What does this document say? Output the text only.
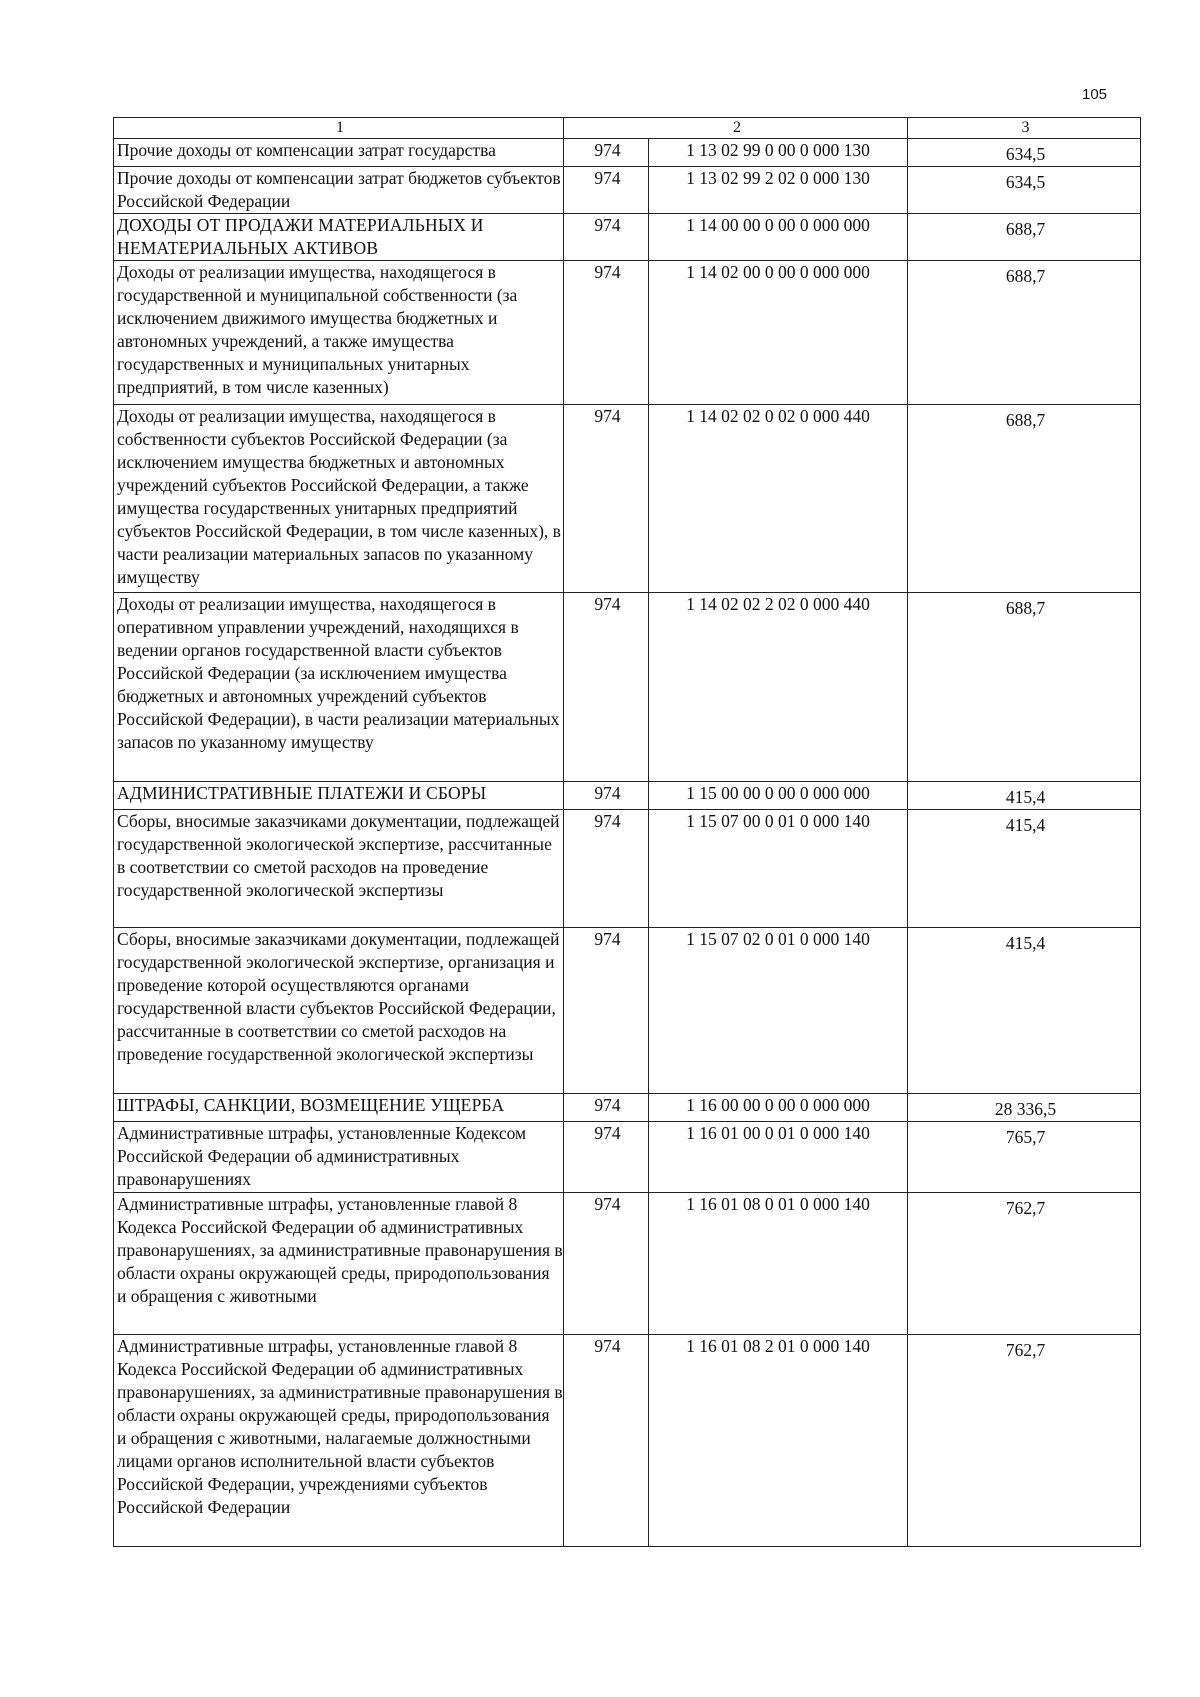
105
1	2		3
Прочие доходы от компенсации затрат государства	974	1 13 02 99 0 00 0 000 130	634,5
Прочие доходы от компенсации затрат бюджетов субъектов Российской Федерации	974	1 13 02 99 2 02 0 000 130	634,5
ДОХОДЫ ОТ ПРОДАЖИ МАТЕРИАЛЬНЫХ И НЕМАТЕРИАЛЬНЫХ АКТИВОВ	974	1 14 00 00 0 00 0 000 000	688,7
Доходы от реализации имущества, находящегося в государственной и муниципальной собственности (за исключением движимого имущества бюджетных и автономных учреждений, а также имущества государственных и муниципальных унитарных предприятий, в том числе казенных)	974	1 14 02 00 0 00 0 000 000	688,7
Доходы от реализации имущества, находящегося в собственности субъектов Российской Федерации (за исключением имущества бюджетных и автономных учреждений субъектов Российской Федерации, а также имущества государственных унитарных предприятий субъектов Российской Федерации, в том числе казенных), в части реализации материальных запасов по указанному имуществу	974	1 14 02 02 0 02 0 000 440	688,7
Доходы от реализации имущества, находящегося в оперативном управлении учреждений, находящихся в ведении органов государственной власти субъектов Российской Федерации (за исключением имущества бюджетных и автономных учреждений субъектов Российской Федерации), в части реализации материальных запасов по указанному имуществу	974	1 14 02 02 2 02 0 000 440	688,7
АДМИНИСТРАТИВНЫЕ ПЛАТЕЖИ И СБОРЫ	974	1 15 00 00 0 00 0 000 000	415,4
Сборы, вносимые заказчиками документации, подлежащей государственной экологической экспертизе, рассчитанные в соответствии со сметой расходов на проведение государственной экологической экспертизы	974	1 15 07 00 0 01 0 000 140	415,4
Сборы, вносимые заказчиками документации, подлежащей государственной экологической экспертизе, организация и проведение которой осуществляются органами государственной власти субъектов Российской Федерации, рассчитанные в соответствии со сметой расходов на проведение государственной экологической экспертизы	974	1 15 07 02 0 01 0 000 140	415,4
ШТРАФЫ, САНКЦИИ, ВОЗМЕЩЕНИЕ УЩЕРБА	974	1 16 00 00 0 00 0 000 000	28 336,5
Административные штрафы, установленные Кодексом Российской Федерации об административных правонарушениях	974	1 16 01 00 0 01 0 000 140	765,7
Административные штрафы, установленные главой 8 Кодекса Российской Федерации об административных правонарушениях, за административные правонарушения в области охраны окружающей среды, природопользования и обращения с животными	974	1 16 01 08 0 01 0 000 140	762,7
Административные штрафы, установленные главой 8 Кодекса Российской Федерации об административных правонарушениях, за административные правонарушения в области охраны окружающей среды, природопользования и обращения с животными, налагаемые должностными лицами органов исполнительной власти субъектов Российской Федерации, учреждениями субъектов Российской Федерации	974	1 16 01 08 2 01 0 000 140	762,7
